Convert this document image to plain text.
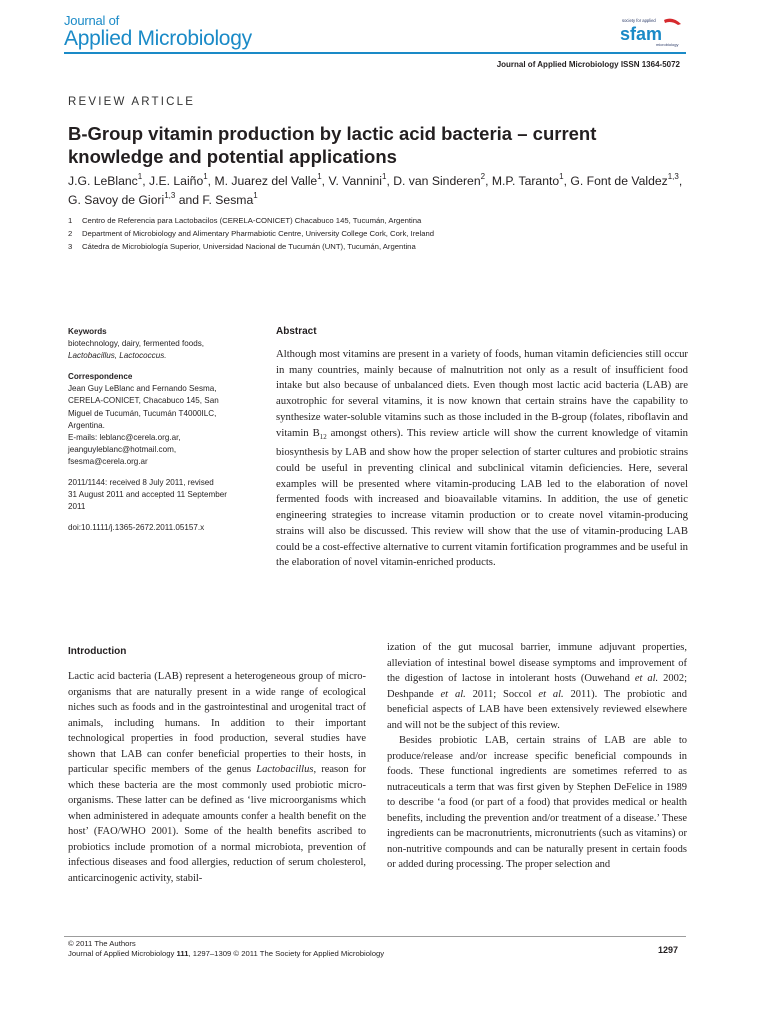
Journal of
Applied Microbiology
society for applied
sfam
microbiology
Journal of Applied Microbiology ISSN 1364-5072
REVIEW ARTICLE
B-Group vitamin production by lactic acid bacteria – current
knowledge and potential applications
J.G. LeBlanc$^1$, J.E. Laiño$^1$, M. Juarez del Valle$^1$, V. Vannini$^1$, D. van Sinderen$^2$, M.P. Taranto$^1$, G. Font de Valdez$^{1,3}$, G. Savoy de Giori$^{1,3}$ and F. Sesma$^1$
1 Centro de Referencia para Lactobacilos (CERELA-CONICET) Chacabuco 145, Tucumán, Argentina
2 Department of Microbiology and Alimentary Pharmabiotic Centre, University College Cork, Cork, Ireland
3 Cátedra de Microbiología Superior, Universidad Nacional de Tucumán (UNT), Tucumán, Argentina
Keywords
biotechnology, dairy, fermented foods,
Lactobacillus, Lactococcus.
Correspondence
Jean Guy LeBlanc and Fernando Sesma,
CERELA-CONICET, Chacabuco 145, San
Miguel de Tucumán, Tucumán T4000ILC,
Argentina.
E-mails: leblanc@cerela.org.ar,
jeanguyleblanc@hotmail.com,
fsesma@cerela.org.ar
2011/1144: received 8 July 2011, revised
31 August 2011 and accepted 11 September
2011
doi:10.1111/j.1365-2672.2011.05157.x
Abstract
Although most vitamins are present in a variety of foods, human vitamin deficiencies still occur in many countries, mainly because of malnutrition not only as a result of insufficient food intake but also because of unbalanced diets. Even though most lactic acid bacteria (LAB) are auxotrophic for several vitamins, it is now known that certain strains have the capability to synthesize water-soluble vitamins such as those included in the B-group (folates, riboflavin and vitamin $B_{12}$ amongst others). This review article will show the current knowledge of vitamin biosynthesis by LAB and show how the proper selection of starter cultures and probiotic strains could be useful in preventing clinical and subclinical vitamin deficiencies. Here, several examples will be presented where vitamin-producing LAB led to the elaboration of novel fermented foods with increased and bioavailable vitamins. In addition, the use of genetic engineering strategies to increase vitamin production or to create novel vitamin-producing strains will also be discussed. This review will show that the use of vitamin-producing LAB could be a cost-effective alternative to current vitamin fortification programmes and be useful in the elaboration of novel vitamin-enriched products.
Introduction
Lactic acid bacteria (LAB) represent a heterogeneous group of micro-organisms that are naturally present in a wide range of ecological niches such as foods and in the gastrointestinal and urogenital tract of animals, including humans. In addition to their important technological properties in food production, several studies have shown that LAB can confer beneficial properties to their hosts, in particular specific members of the genus Lactobacillus, reason for which these bacteria are the most commonly used probiotic micro-organisms. These latter can be defined as ‘live microorganisms which when administered in adequate amounts confer a health benefit on the host’ (FAO/WHO 2001). Some of the health benefits ascribed to probiotics include promotion of a normal microbiota, prevention of infectious diseases and food allergies, reduction of serum cholesterol, anticarcinogenic activity, stabil-
ization of the gut mucosal barrier, immune adjuvant properties, alleviation of intestinal bowel disease symptoms and improvement of the digestion of lactose in intolerant hosts (Ouwehand et al. 2002; Deshpande et al. 2011; Soccol et al. 2011). The probiotic and beneficial aspects of LAB have been extensively reviewed elsewhere and will not be the subject of this review.
Besides probiotic LAB, certain strains of LAB are able to produce/release and/or increase specific beneficial compounds in foods. These functional ingredients are sometimes referred to as nutraceuticals a term that was first given by Stephen DeFelice in 1989 to describe ‘a food (or part of a food) that provides medical or health benefits, including the prevention and/or treatment of a disease.’ These ingredients can be macronutrients, micronutrients (such as vitamins) or non-nutritive compounds and can be naturally present in certain foods or added during processing. The proper selection and
© 2011 The Authors
Journal of Applied Microbiology 111, 1297–1309 © 2011 The Society for Applied Microbiology	1297
